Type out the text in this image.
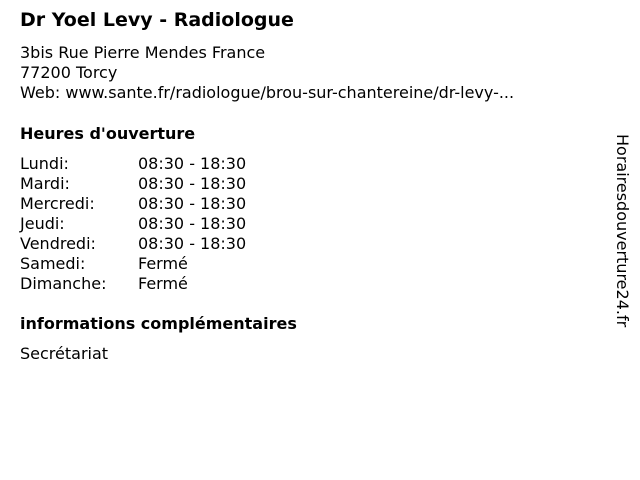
Dr Yoel Levy - Radiologue
3bis Rue Pierre Mendes France
77200 Torcy
Web: www.sante.fr/radiologue/brou-sur-chantereine/dr-levy-...
Heures d'ouverture
Lundi:	08:30 - 18:30
Mardi:	08:30 - 18:30
Mercredi:	08:30 - 18:30
Jeudi:	08:30 - 18:30
Vendredi:	08:30 - 18:30
Samedi:	Fermé
Dimanche:	Fermé
informations complémentaires
Secrétariat
Horairesdouverture24.fr
